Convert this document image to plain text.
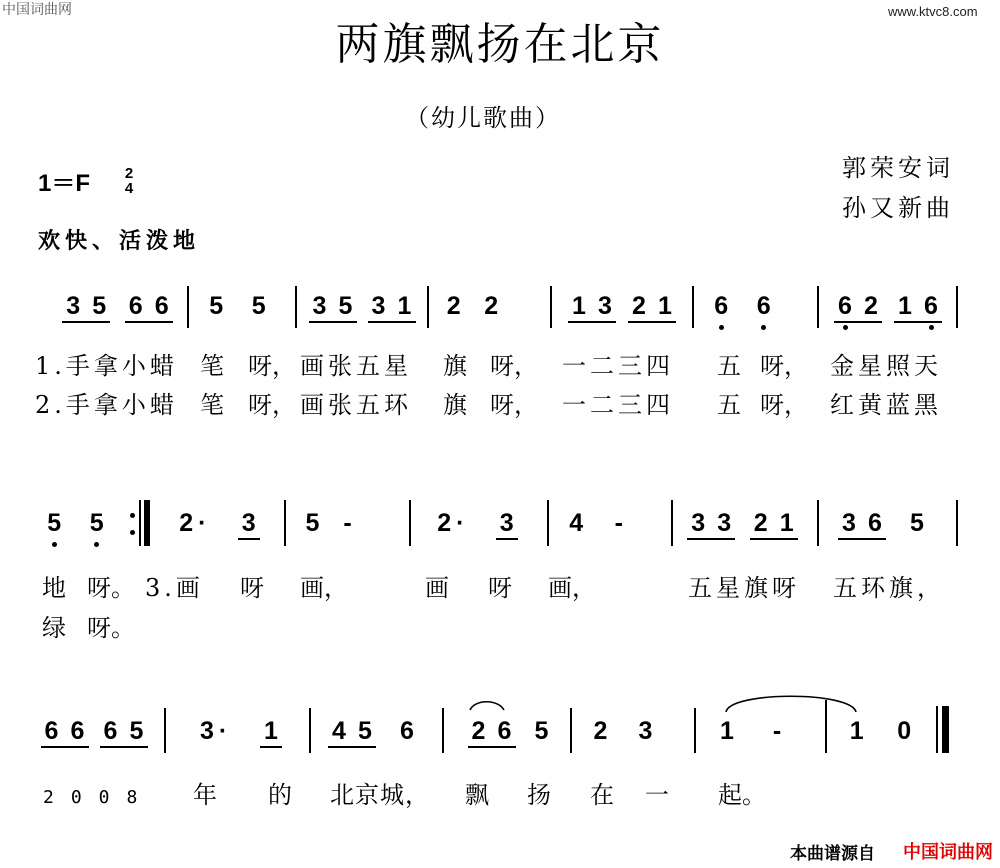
中国词曲网	www.ktvc8.com
两旗飘扬在北京
（幼儿歌曲）
1＝F 2
4
郭荣安词
孙又新曲
欢快、活泼地
3 5 6 6 5 5 3 5 3 1 2 2	1 3 2 1 6 6	6 2 1 6
1.手拿小蜡 笔 呀， 画张五星 旗 呀， 一二三四 五 呀， 金星照天
2.手拿小蜡 笔 呀， 画张五环 旗 呀， 一二三四 五 呀， 红黄蓝黑
5 5	2 · 3 5 -	2 · 3 4 -	3 3 2 1 3 6 5
地 呀。 3.画 呀 画，	画 呀 画，	五星旗呀 五环旗，
绿 呀。
6 6 6 5 3 · 1 4 5 6 2 6 5 2 3	1 -	1 0
2008 年 的 北京城， 飘 扬 在 一 起。
本曲谱源自 中国词曲网
